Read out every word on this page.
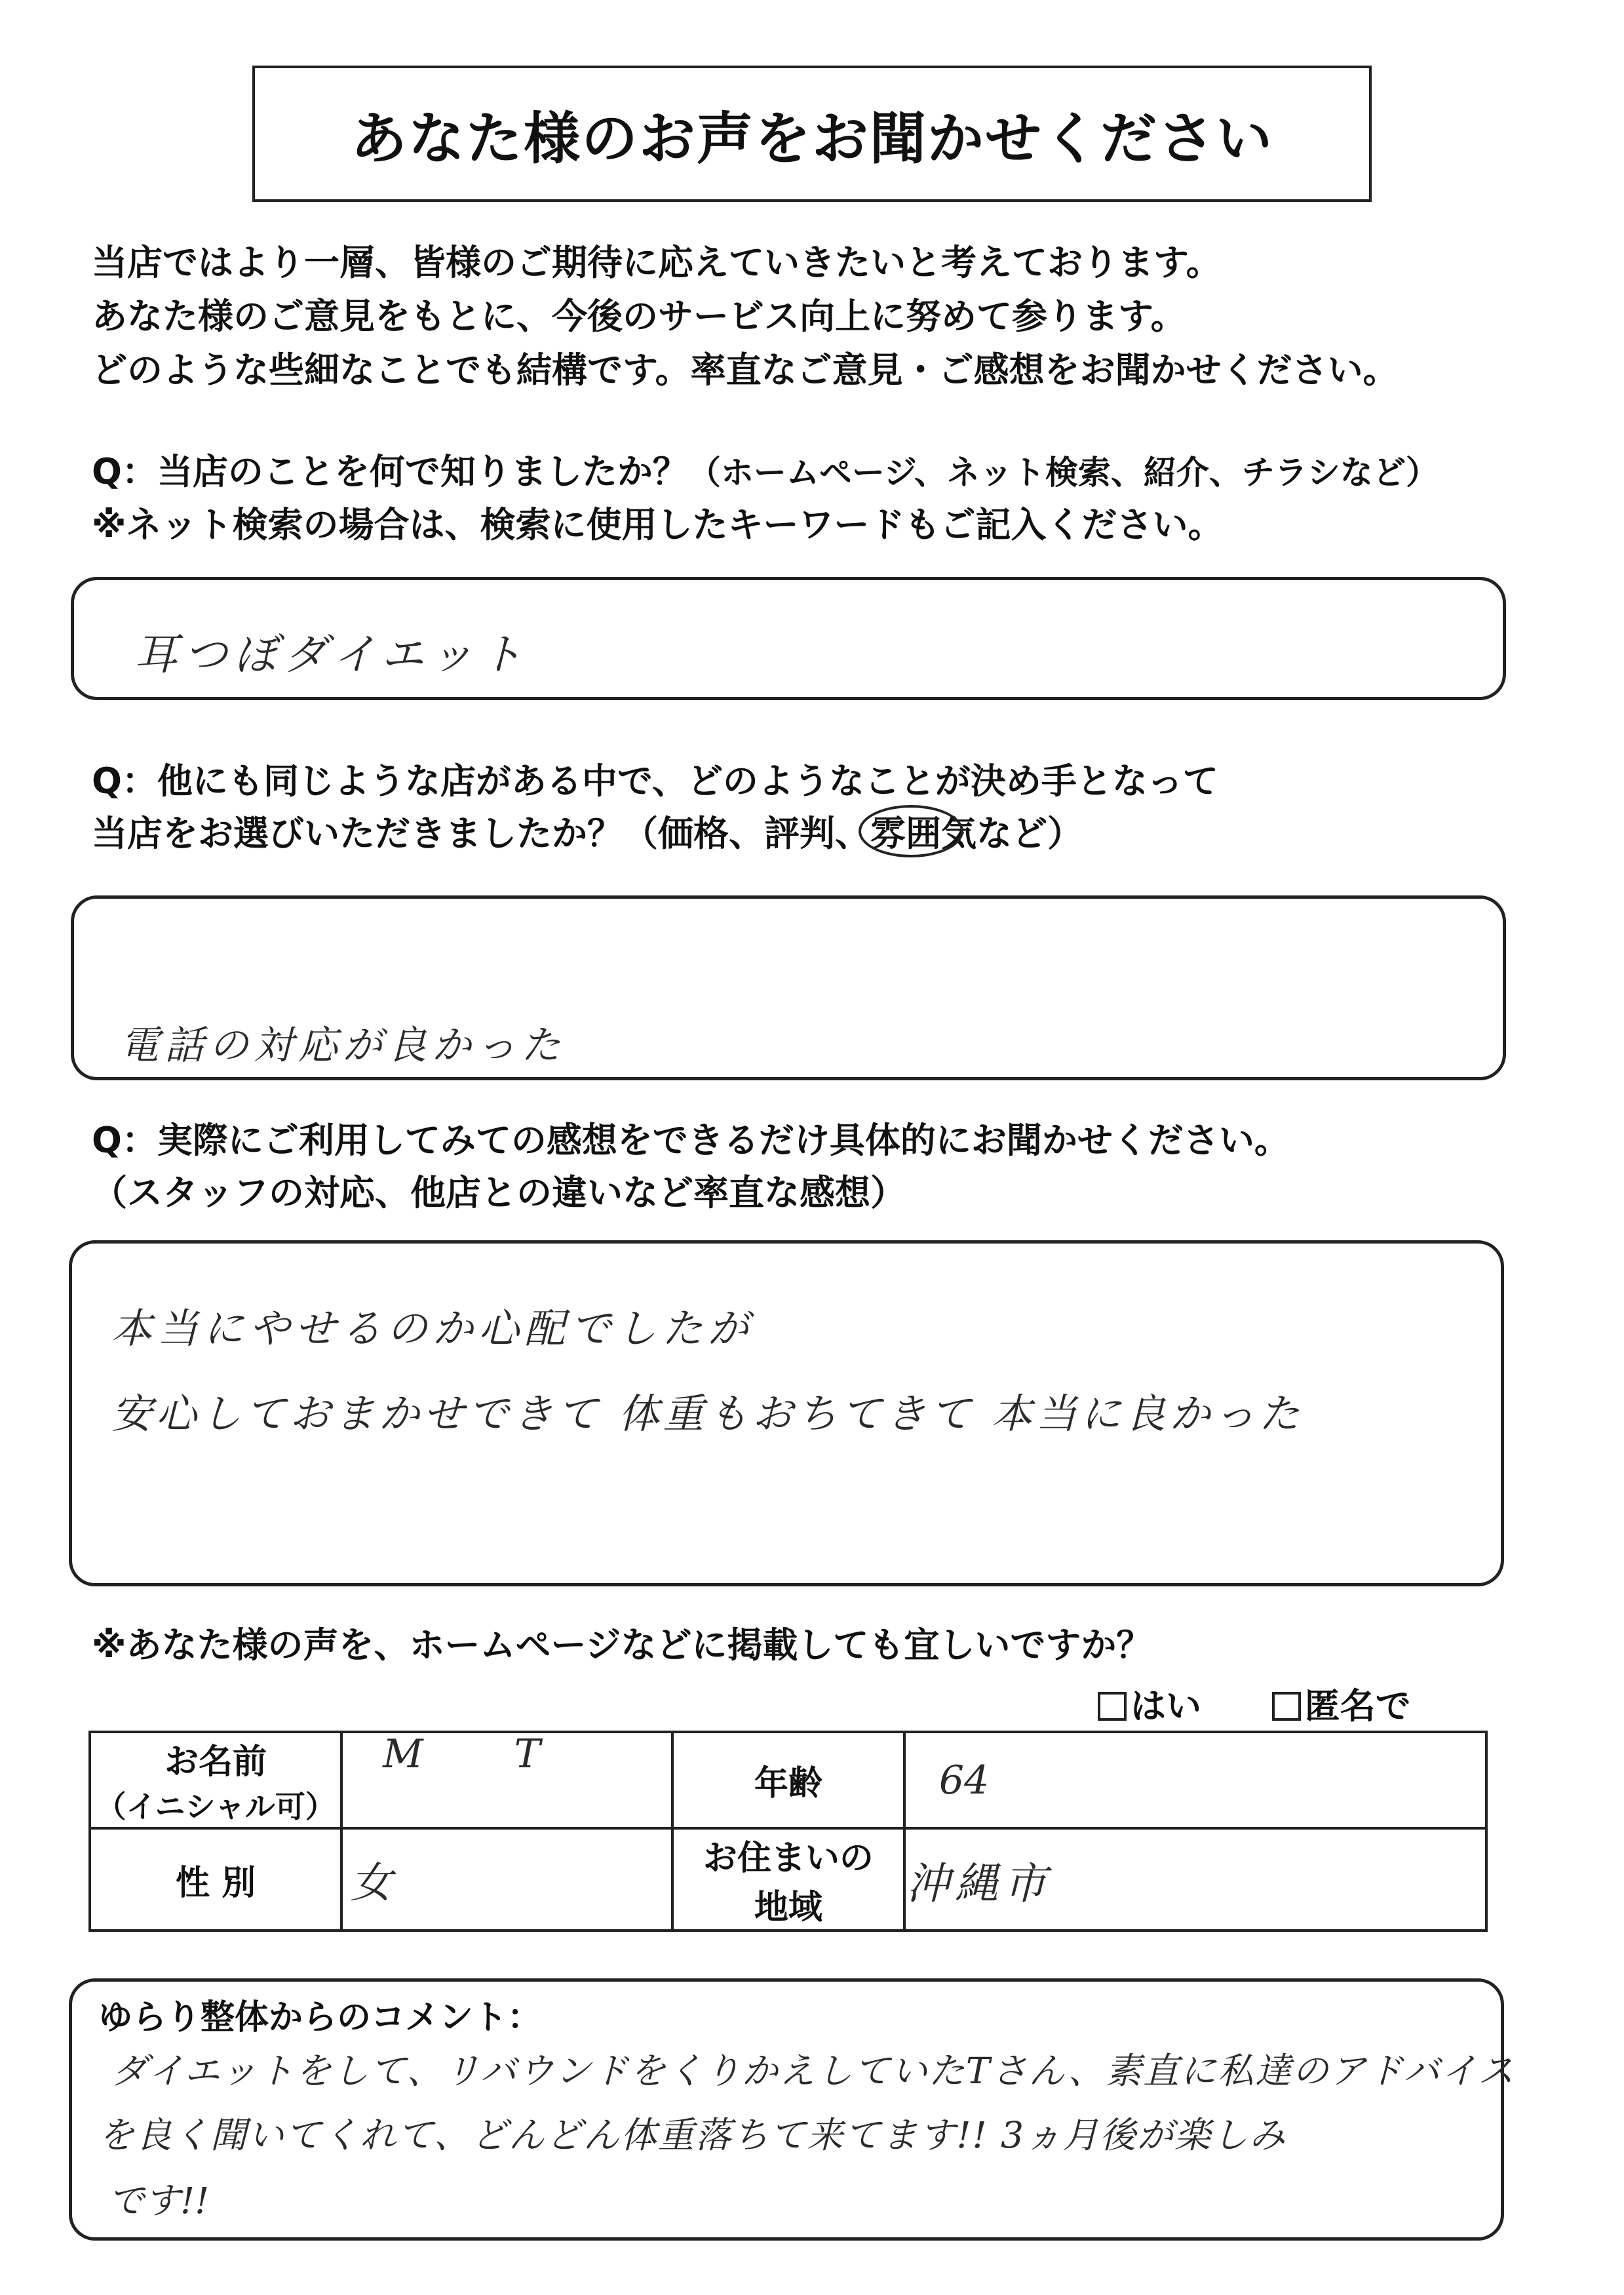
あなた様のお声をお聞かせください
当店ではより一層、皆様のご期待に応えていきたいと考えております。
あなた様のご意見をもとに、今後のサービス向上に努めて参ります。
どのような些細なことでも結構です。率直なご意見・ご感想をお聞かせください。
Q：当店のことを何で知りましたか？（ホームページ、ネット検索、紹介、チラシなど）
※ネット検索の場合は、検索に使用したキーワードもご記入ください。
耳つぼダイエット
Q：他にも同じような店がある中で、どのようなことが決め手となって
当店をお選びいただきましたか？（価格、評判、雰囲
気など）
電話の対応が良かった
Q：実際にご利用してみての感想をできるだけ具体的にお聞かせください。
（スタッフの対応、他店との違いなど率直な感想）
本当にやせるのか心配でしたが
安心しておまかせできて 体重もおちてきて 本当に良かった
※あなた様の声を、ホームページなどに掲載しても宜しいですか？
はい	匿名で
お名前
（イニシャル可）	M T	年齢	64
性 別	女	お住まいの
地域	沖縄市
ゆらり整体からのコメント：
ダイエットをして、リバウンドをくりかえしていたTさん、素直に私達のアドバイス
を良く聞いてくれて、どんどん体重落ちて来てます!! 3ヵ月後が楽しみ
です!!
